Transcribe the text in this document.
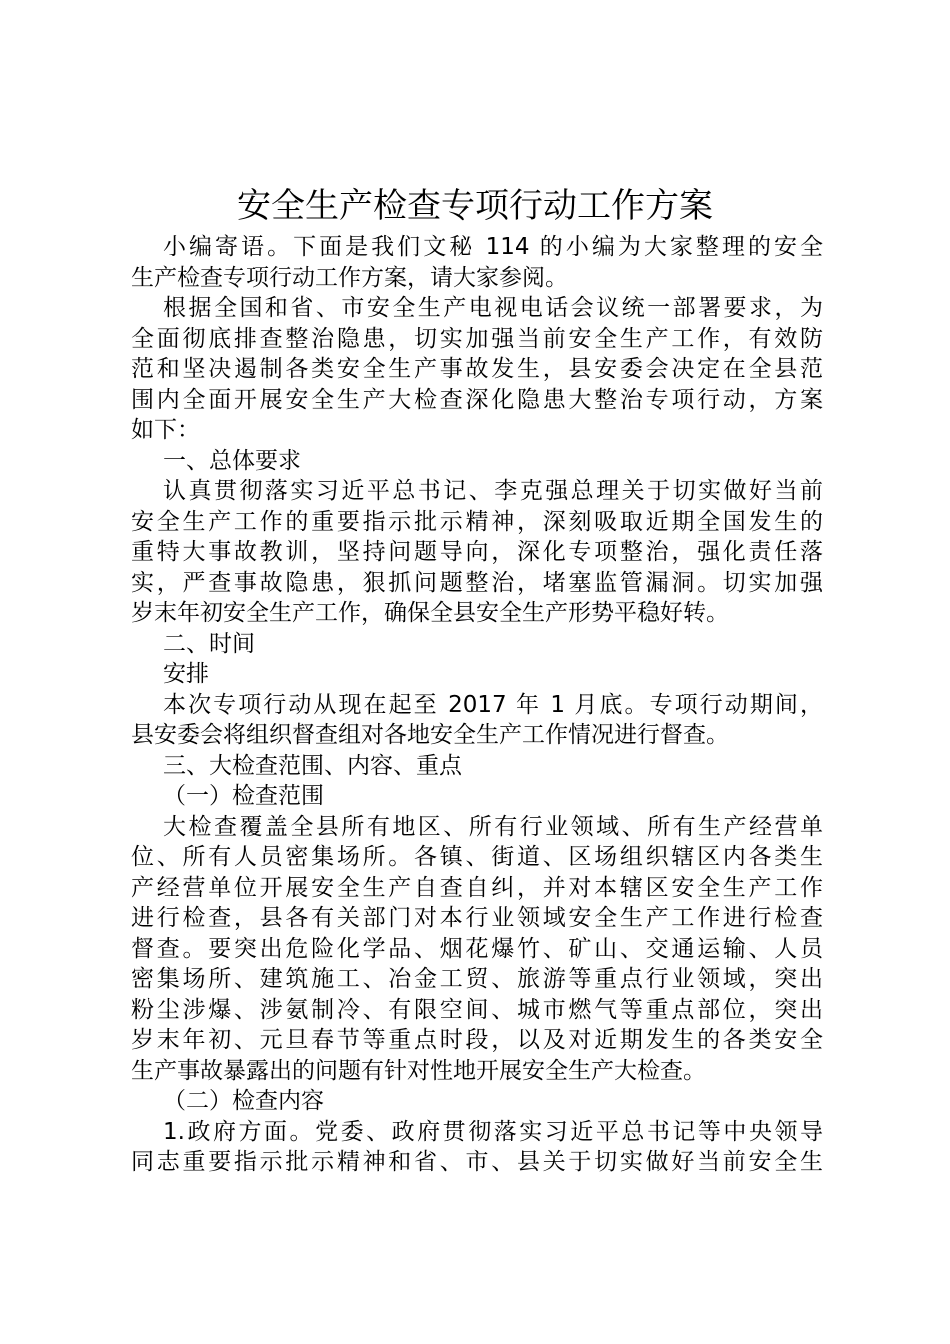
安全生产检查专项行动工作方案
小编寄语。下面是我们文秘 114 的小编为大家整理的安全
生产检查专项行动工作方案，请大家参阅。
根据全国和省、市安全生产电视电话会议统一部署要求，为
全面彻底排查整治隐患，切实加强当前安全生产工作，有效防
范和坚决遏制各类安全生产事故发生，县安委会决定在全县范
围内全面开展安全生产大检查深化隐患大整治专项行动，方案
如下：
一、总体要求
认真贯彻落实习近平总书记、李克强总理关于切实做好当前
安全生产工作的重要指示批示精神，深刻吸取近期全国发生的
重特大事故教训，坚持问题导向，深化专项整治，强化责任落
实，严查事故隐患，狠抓问题整治，堵塞监管漏洞。切实加强
岁末年初安全生产工作，确保全县安全生产形势平稳好转。
二、时间
安排
本次专项行动从现在起至 2017 年 1 月底。专项行动期间，
县安委会将组织督查组对各地安全生产工作情况进行督查。
三、大检查范围、内容、重点
（一）检查范围
大检查覆盖全县所有地区、所有行业领域、所有生产经营单
位、所有人员密集场所。各镇、街道、区场组织辖区内各类生
产经营单位开展安全生产自查自纠，并对本辖区安全生产工作
进行检查，县各有关部门对本行业领域安全生产工作进行检查
督查。要突出危险化学品、烟花爆竹、矿山、交通运输、人员
密集场所、建筑施工、冶金工贸、旅游等重点行业领域，突出
粉尘涉爆、涉氨制冷、有限空间、城市燃气等重点部位，突出
岁末年初、元旦春节等重点时段，以及对近期发生的各类安全
生产事故暴露出的问题有针对性地开展安全生产大检查。
（二）检查内容
1.政府方面。党委、政府贯彻落实习近平总书记等中央领导
同志重要指示批示精神和省、市、县关于切实做好当前安全生
